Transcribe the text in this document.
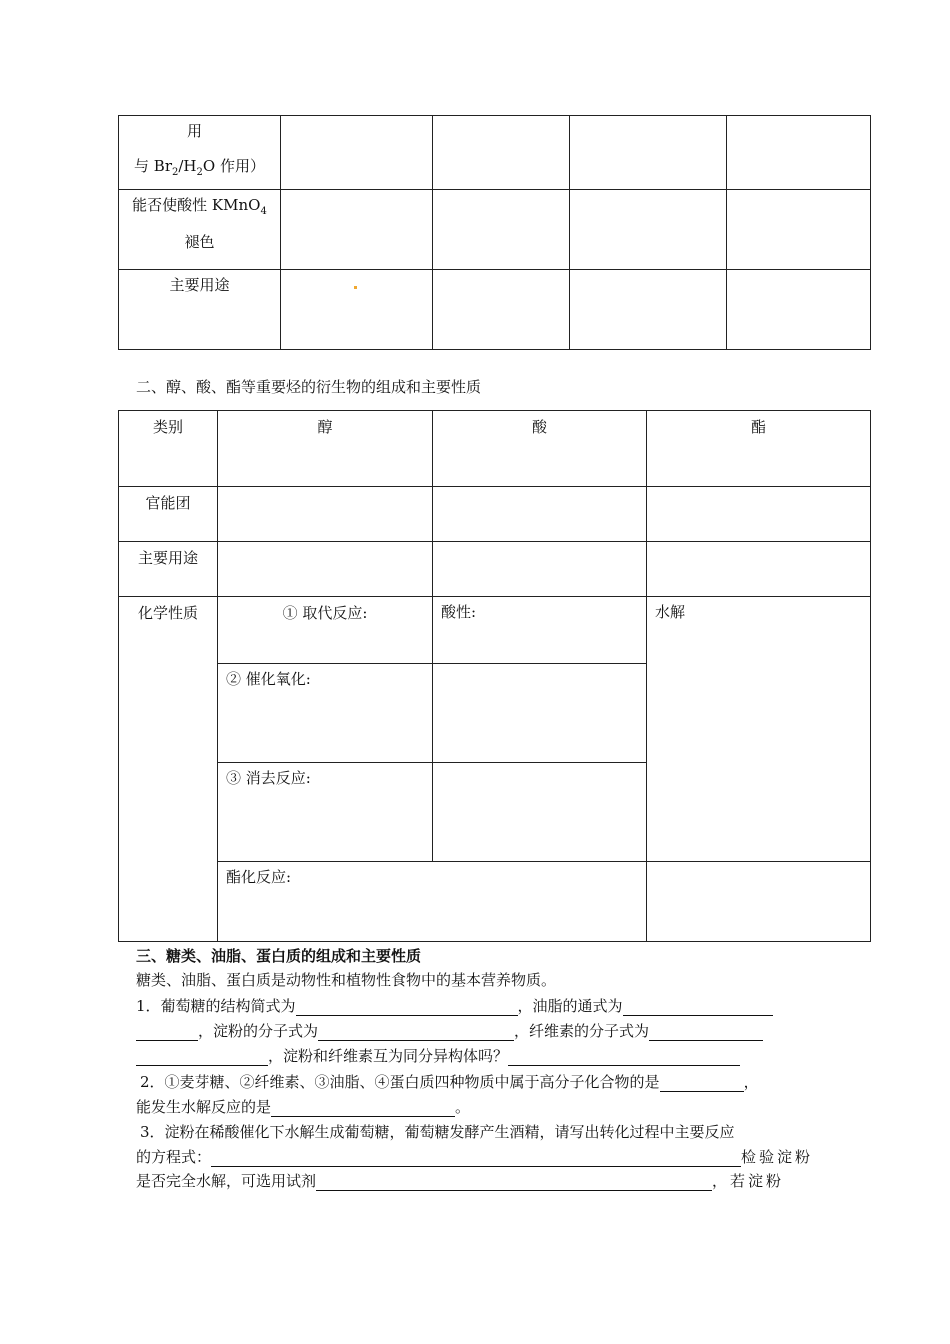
用
与 $Br_2/H_2O$ 作用）				

能否使酸性 KMnO$_4$
褪色				

主要用途				

二、醇、酸、酯等重要烃的衍生物的组成和主要性质
类别	醇	酸	酯
官能团			
主要用途			
化学性质	① 取代反应:	酸性:	水解
	② 催化氧化:		
	③ 消去反应:		
	酯化反应:		
三、糖类、油脂、蛋白质的组成和主要性质
糖类、油脂、蛋白质是动物性和植物性食物中的基本营养物质。
1．葡萄糖的结构简式为	，油脂的通式为
，淀粉的分子式为	，纤维素的分子式为
，淀粉和纤维素互为同分异构体吗？
2．①麦芽糖、②纤维素、③油脂、④蛋白质四种物质中属于高分子化合物的是	，
能发生水解反应的是	。
3．淀粉在稀酸催化下水解生成葡萄糖，葡萄糖发酵产生酒精，请写出转化过程中主要反应
的方程式：	检验淀粉
是否完全水解，可选用试剂	，若淀粉
